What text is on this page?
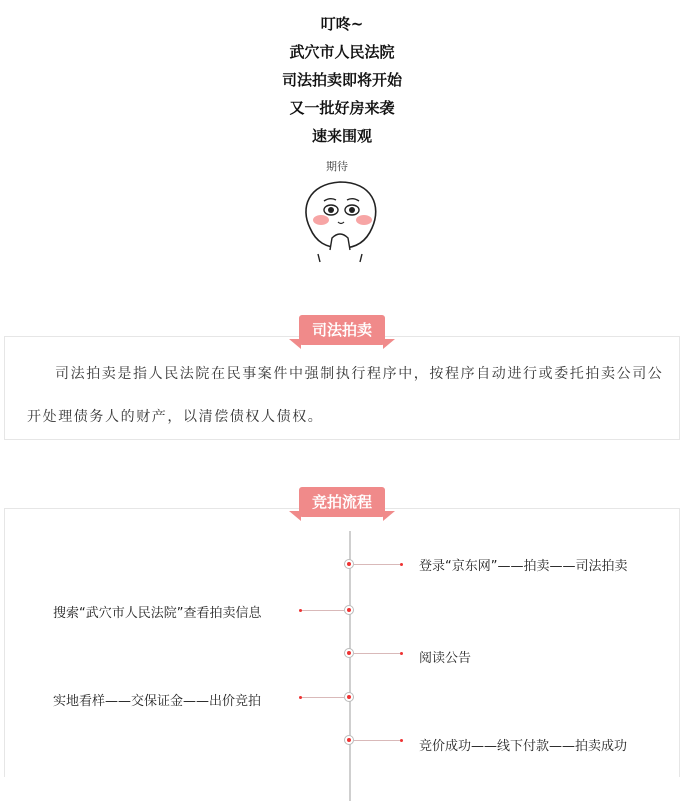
叮咚~
武穴市人民法院
司法拍卖即将开始
又一批好房来袭
速来围观
期待
司法拍卖是指人民法院在民事案件中强制执行程序中，按程序自动进行或委托拍卖公司公开处理债务人的财产，以清偿债权人债权。
司法拍卖
登录“京东网”——拍卖——司法拍卖
搜索“武穴市人民法院”查看拍卖信息
阅读公告
实地看样——交保证金——出价竞拍
竞价成功——线下付款——拍卖成功
竞拍流程
